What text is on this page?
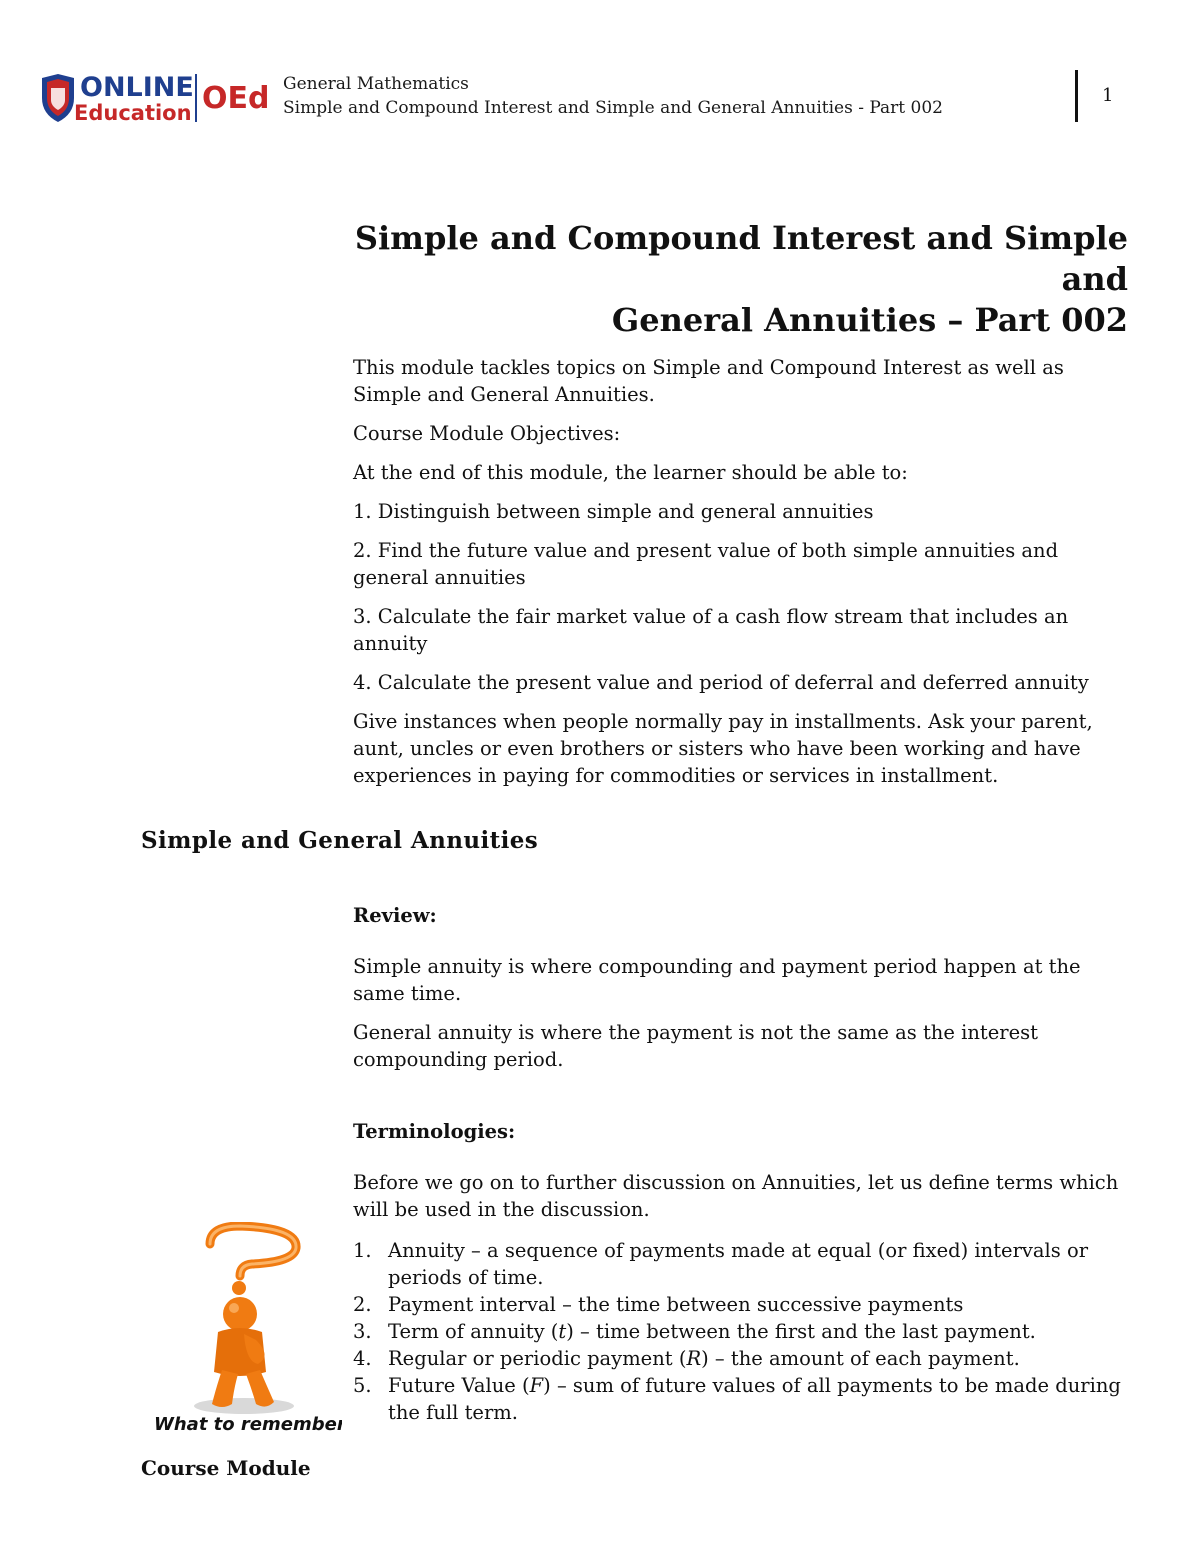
ONLINE
Education OEd General Mathematics
Simple and Compound Interest and Simple and General Annuities - Part 002
1
Simple and Compound Interest and Simple and
General Annuities – Part 002

This module tackles topics on Simple and Compound Interest as well as Simple and General Annuities.

Course Module Objectives:

At the end of this module, the learner should be able to:

1. Distinguish between simple and general annuities

2. Find the future value and present value of both simple annuities and general annuities

3. Calculate the fair market value of a cash flow stream that includes an annuity

4. Calculate the present value and period of deferral and deferred annuity

Give instances when people normally pay in installments. Ask your parent, aunt, uncles or even brothers or sisters who have been working and have experiences in paying for commodities or services in installment.

Simple and General Annuities
Review:

Simple annuity is where compounding and payment period happen at the same time.

General annuity is where the payment is not the same as the interest compounding period.

Terminologies:

Before we go on to further discussion on Annuities, let us define terms which will be used in the discussion.

1. Annuity – a sequence of payments made at equal (or fixed) intervals or periods of time.
2. Payment interval – the time between successive payments
3. Term of annuity (t) – time between the first and the last payment.
4. Regular or periodic payment (R) – the amount of each payment.
5. Future Value (F) – sum of future values of all payments to be made during the full term.
What to remember?
Course Module
